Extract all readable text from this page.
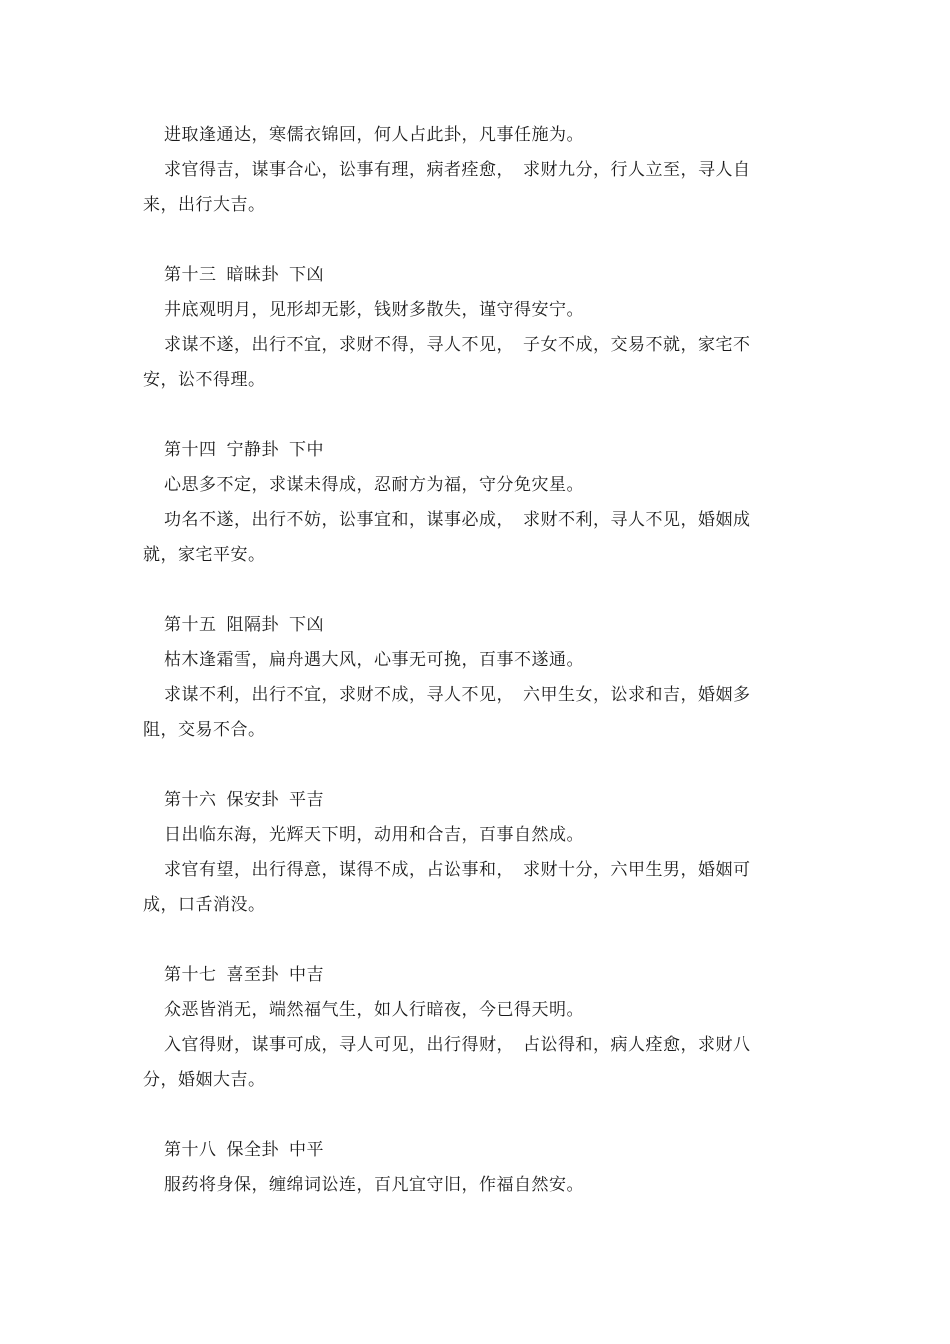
进取逢通达，寒儒衣锦回，何人占此卦，凡事任施为。
求官得吉，谋事合心，讼事有理，病者痊愈，　求财九分，行人立至，寻人自
来，出行大吉。
第十三 暗昧卦 下凶
井底观明月，见形却无影，钱财多散失，谨守得安宁。
求谋不遂，出行不宜，求财不得，寻人不见，　子女不成，交易不就，家宅不
安，讼不得理。
第十四 宁静卦 下中
心思多不定，求谋未得成，忍耐方为福，守分免灾星。
功名不遂，出行不妨，讼事宜和，谋事必成，　求财不利，寻人不见，婚姻成
就，家宅平安。
第十五 阻隔卦 下凶
枯木逢霜雪，扁舟遇大风，心事无可挽，百事不遂通。
求谋不利，出行不宜，求财不成，寻人不见，　六甲生女，讼求和吉，婚姻多
阻，交易不合。
第十六 保安卦 平吉
日出临东海，光辉天下明，动用和合吉，百事自然成。
求官有望，出行得意，谋得不成，占讼事和，　求财十分，六甲生男，婚姻可
成，口舌消没。
第十七 喜至卦 中吉
众恶皆消无，端然福气生，如人行暗夜，今已得天明。
入官得财，谋事可成，寻人可见，出行得财，　占讼得和，病人痊愈，求财八
分，婚姻大吉。
第十八 保全卦 中平
服药将身保，缠绵词讼连，百凡宜守旧，作福自然安。
